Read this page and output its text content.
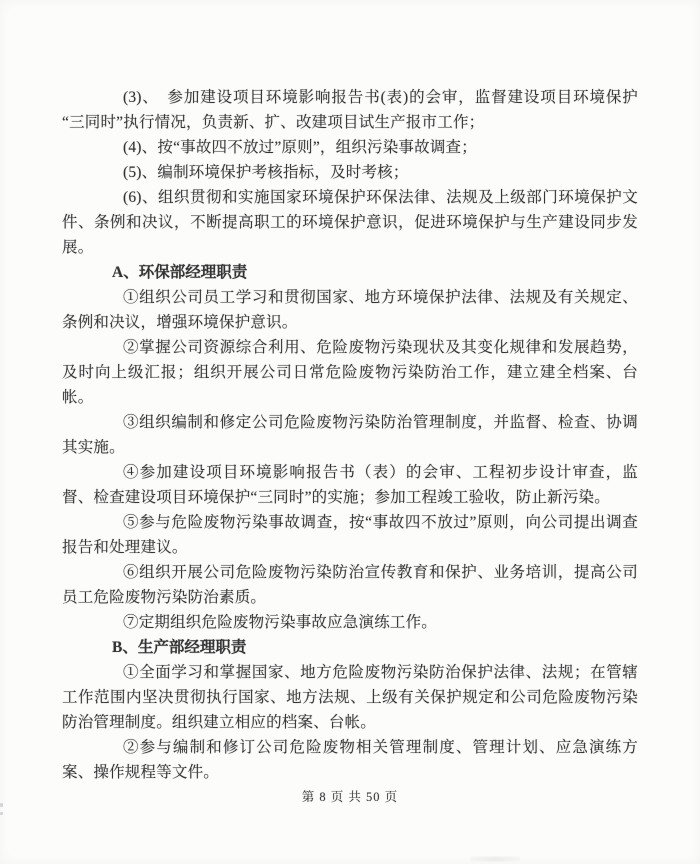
(3)、　参加建设项目环境影响报告书(表)的会审，监督建设项目环境保护“三同时”执行情况，负责新、扩、改建项目试生产报市工作；

(4)、按“事故四不放过”原则”，组织污染事故调查；

(5)、编制环境保护考核指标，及时考核；

(6)、组织贯彻和实施国家环境保护环保法律、法规及上级部门环境保护文件、条例和决议，不断提高职工的环境保护意识，促进环境保护与生产建设同步发展。

A、环保部经理职责

①组织公司员工学习和贯彻国家、地方环境保护法律、法规及有关规定、条例和决议，增强环境保护意识。

②掌握公司资源综合利用、危险废物污染现状及其变化规律和发展趋势，及时向上级汇报；组织开展公司日常危险废物污染防治工作，建立建全档案、台帐。

③组织编制和修定公司危险废物污染防治管理制度，并监督、检查、协调其实施。

④参加建设项目环境影响报告书（表）的会审、工程初步设计审查，监督、检查建设项目环境保护“三同时”的实施；参加工程竣工验收，防止新污染。

⑤参与危险废物污染事故调查，按“事故四不放过”原则，向公司提出调查报告和处理建议。

⑥组织开展公司危险废物污染防治宣传教育和保护、业务培训，提高公司员工危险废物污染防治素质。

⑦定期组织危险废物污染事故应急演练工作。

B、生产部经理职责

①全面学习和掌握国家、地方危险废物污染防治保护法律、法规；在管辖工作范围内坚决贯彻执行国家、地方法规、上级有关保护规定和公司危险废物污染防治管理制度。组织建立相应的档案、台帐。

②参与编制和修订公司危险废物相关管理制度、管理计划、应急演练方案、操作规程等文件。

第 8 页 共 50 页
